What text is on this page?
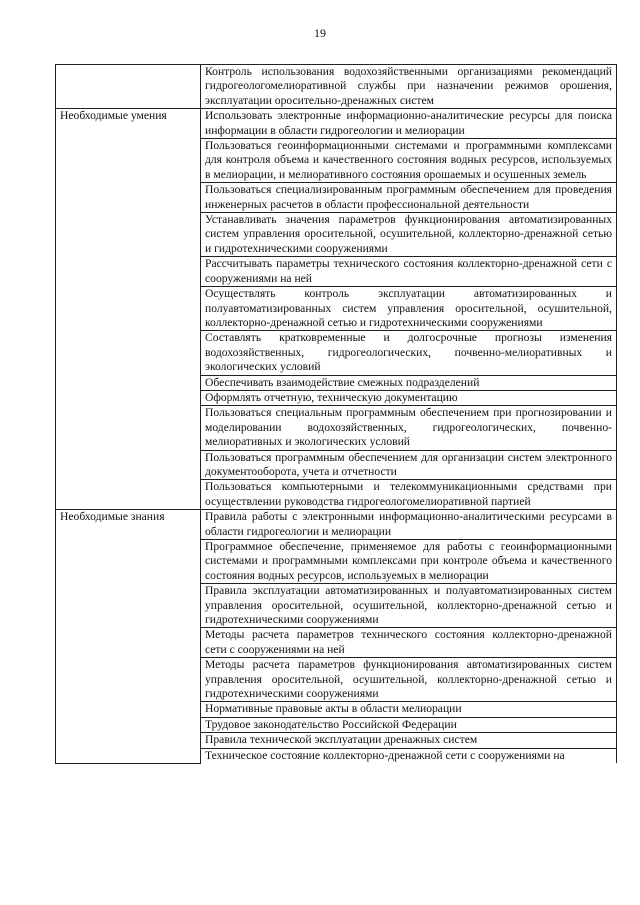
19
	Контроль использования водохозяйственными организациями рекомендаций гидрогеологомелиоративной службы при назначении режимов орошения, эксплуатации оросительно-дренажных систем
Необходимые умения	Использовать электронные информационно-аналитические ресурсы для поиска информации в области гидрогеологии и мелиорации
	Пользоваться геоинформационными системами и программными комплексами для контроля объема и качественного состояния водных ресурсов, используемых в мелиорации, и мелиоративного состояния орошаемых и осушенных земель
	Пользоваться специализированным программным обеспечением для проведения инженерных расчетов в области профессиональной деятельности
	Устанавливать значения параметров функционирования автоматизированных систем управления оросительной, осушительной, коллекторно-дренажной сетью и гидротехническими сооружениями
	Рассчитывать параметры технического состояния коллекторно-дренажной сети с сооружениями на ней
	Осуществлять контроль эксплуатации автоматизированных и полуавтоматизированных систем управления оросительной, осушительной, коллекторно-дренажной сетью и гидротехническими сооружениями
	Составлять кратковременные и долгосрочные прогнозы изменения водохозяйственных, гидрогеологических, почвенно-мелиоративных и экологических условий
	Обеспечивать взаимодействие смежных подразделений
	Оформлять отчетную, техническую документацию
	Пользоваться специальным программным обеспечением при прогнозировании и моделировании водохозяйственных, гидрогеологических, почвенно-мелиоративных и экологических условий
	Пользоваться программным обеспечением для организации систем электронного документооборота, учета и отчетности
	Пользоваться компьютерными и телекоммуникационными средствами при осуществлении руководства гидрогеологомелиоративной партией
Необходимые знания	Правила работы с электронными информационно-аналитическими ресурсами в области гидрогеологии и мелиорации
	Программное обеспечение, применяемое для работы с геоинформационными системами и программными комплексами при контроле объема и качественного состояния водных ресурсов, используемых в мелиорации
	Правила эксплуатации автоматизированных и полуавтоматизированных систем управления оросительной, осушительной, коллекторно-дренажной сетью и гидротехническими сооружениями
	Методы расчета параметров технического состояния коллекторно-дренажной сети с сооружениями на ней
	Методы расчета параметров функционирования автоматизированных систем управления оросительной, осушительной, коллекторно-дренажной сетью и гидротехническими сооружениями
	Нормативные правовые акты в области мелиорации
	Трудовое законодательство Российской Федерации
	Правила технической эксплуатации дренажных систем
	Техническое состояние коллекторно-дренажной сети с сооружениями на
